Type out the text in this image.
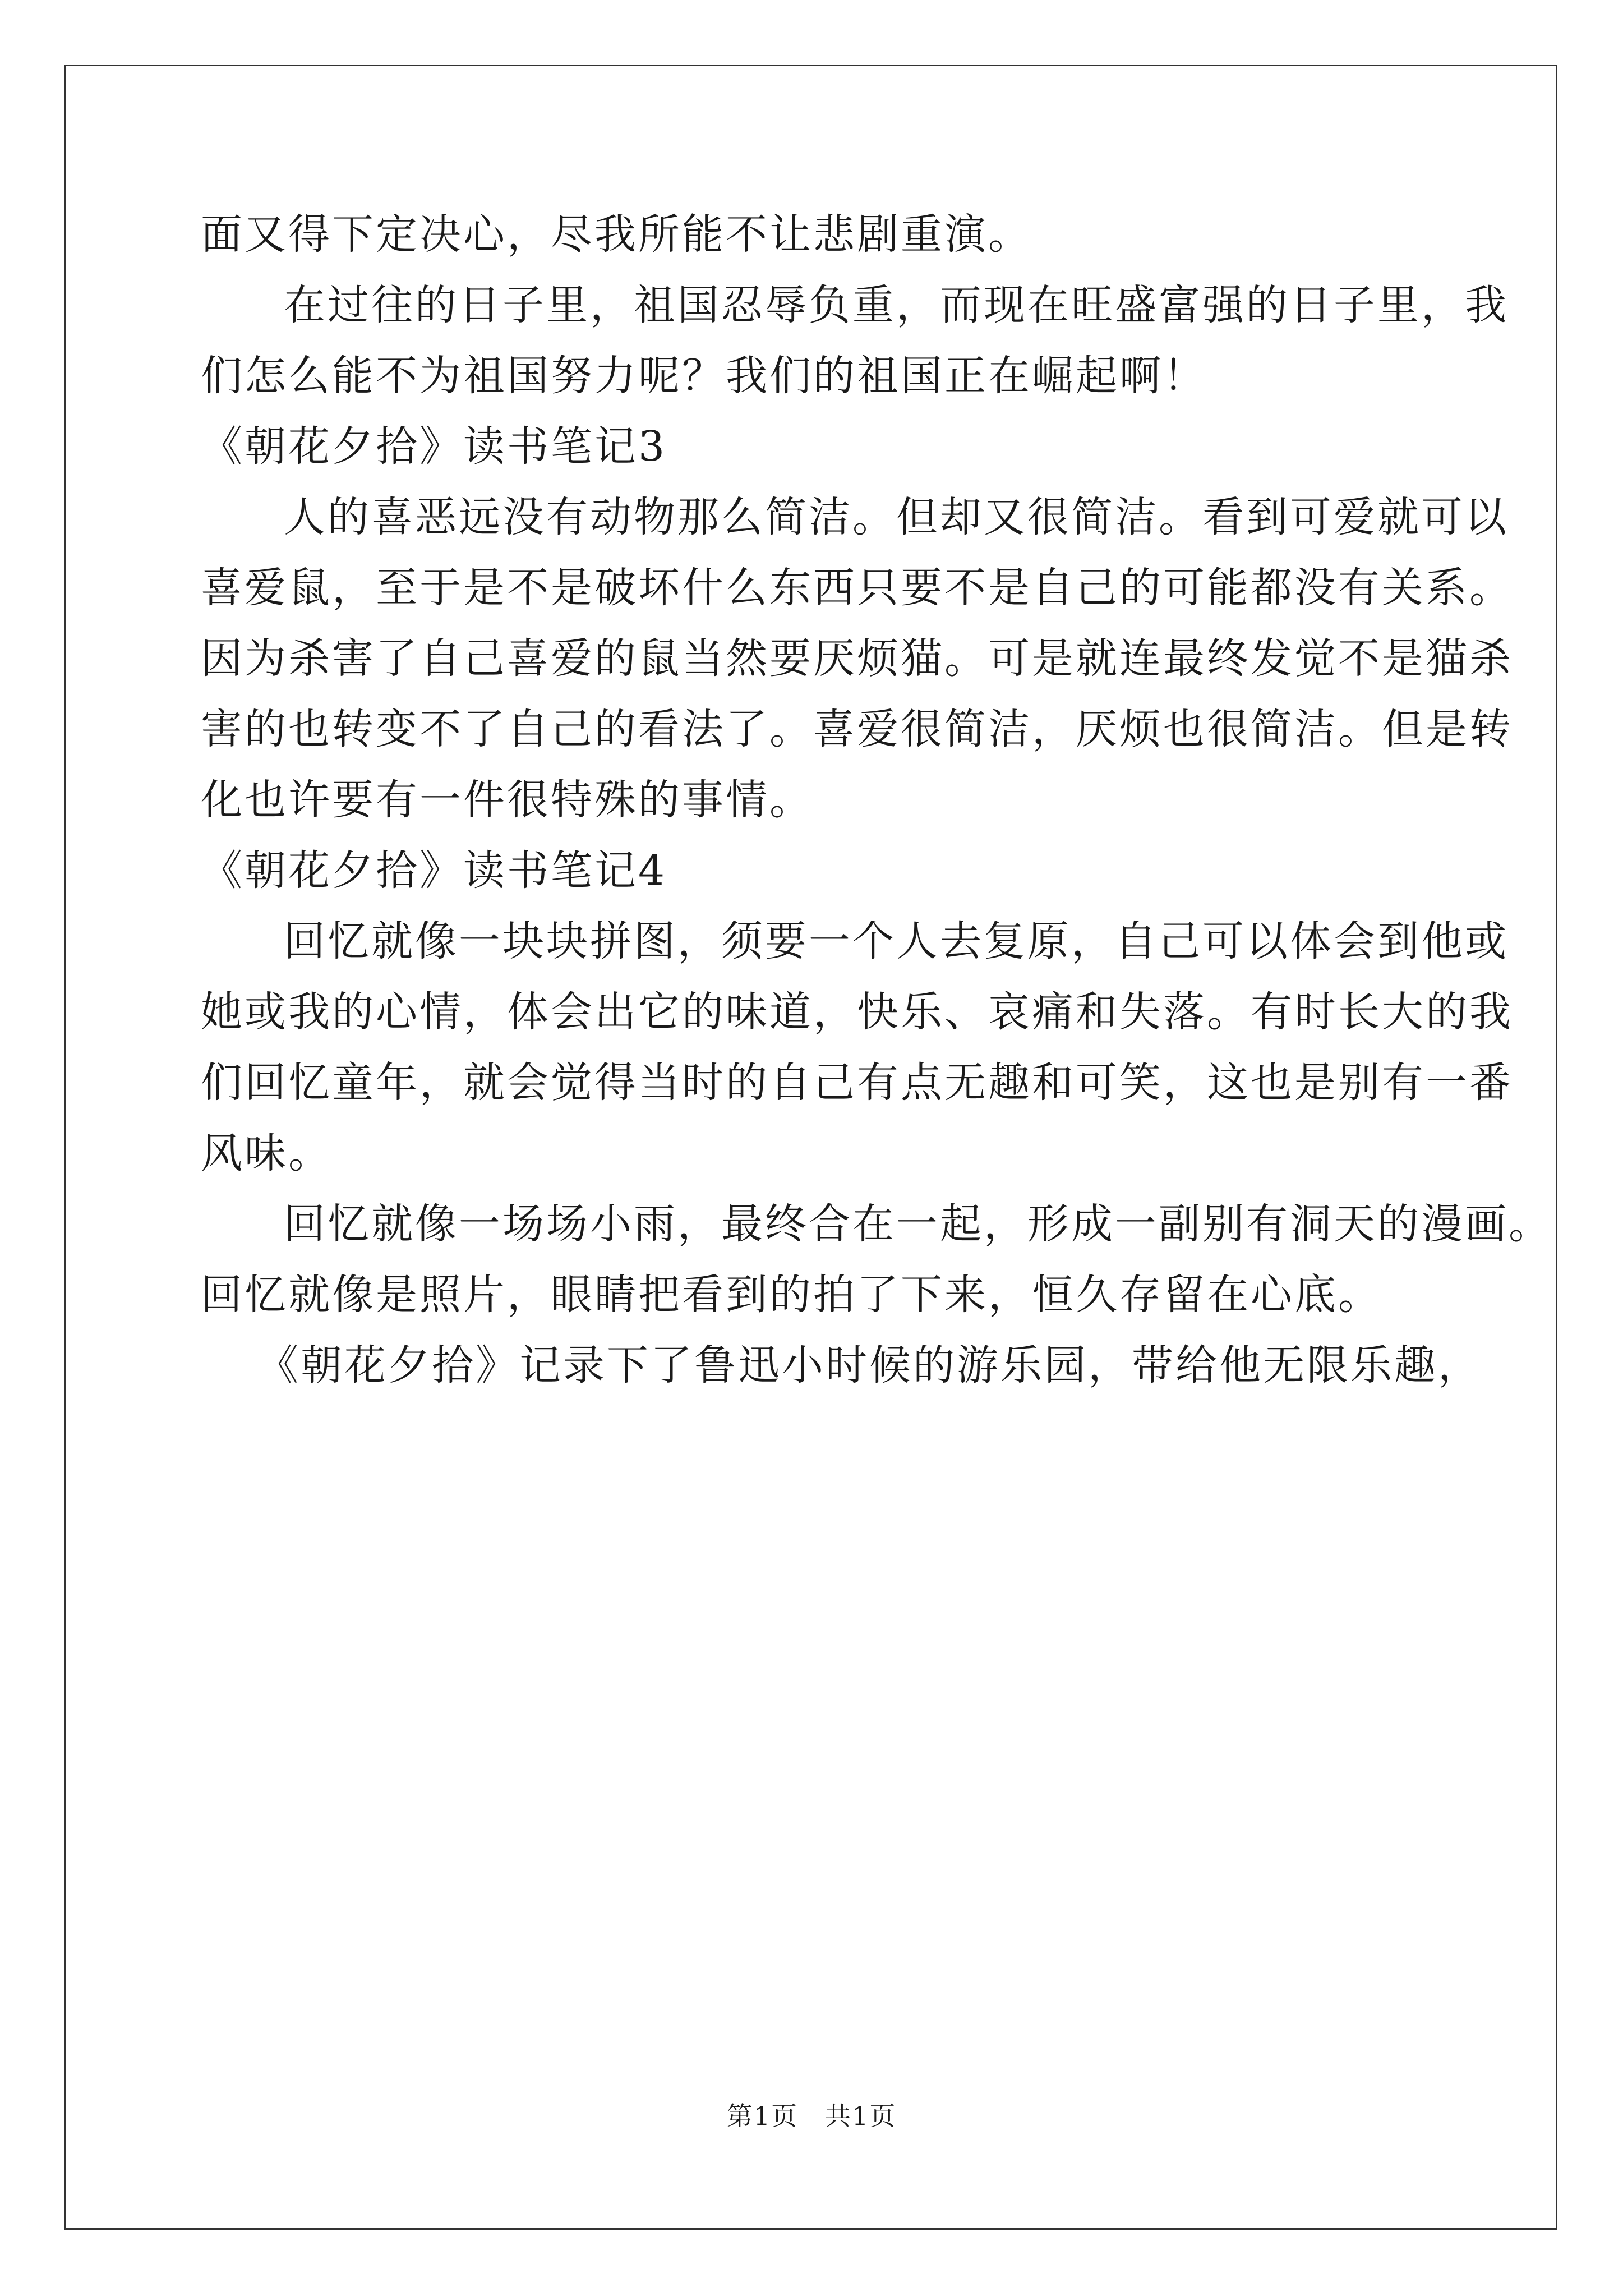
面又得下定决心，尽我所能不让悲剧重演。
在过往的日子里，祖国忍辱负重，而现在旺盛富强的日子里，我
们怎么能不为祖国努力呢？我们的祖国正在崛起啊！
《朝花夕拾》读书笔记3
人的喜恶远没有动物那么简洁。但却又很简洁。看到可爱就可以
喜爱鼠，至于是不是破坏什么东西只要不是自己的可能都没有关系。
因为杀害了自己喜爱的鼠当然要厌烦猫。可是就连最终发觉不是猫杀
害的也转变不了自己的看法了。喜爱很简洁，厌烦也很简洁。但是转
化也许要有一件很特殊的事情。
《朝花夕拾》读书笔记4
回忆就像一块块拼图，须要一个人去复原，自己可以体会到他或
她或我的心情，体会出它的味道，快乐、哀痛和失落。有时长大的我
们回忆童年，就会觉得当时的自己有点无趣和可笑，这也是别有一番
风味。
回忆就像一场场小雨，最终合在一起，形成一副别有洞天的漫画。
回忆就像是照片，眼睛把看到的拍了下来，恒久存留在心底。
《朝花夕拾》记录下了鲁迅小时候的游乐园，带给他无限乐趣，
第1页　共1页
